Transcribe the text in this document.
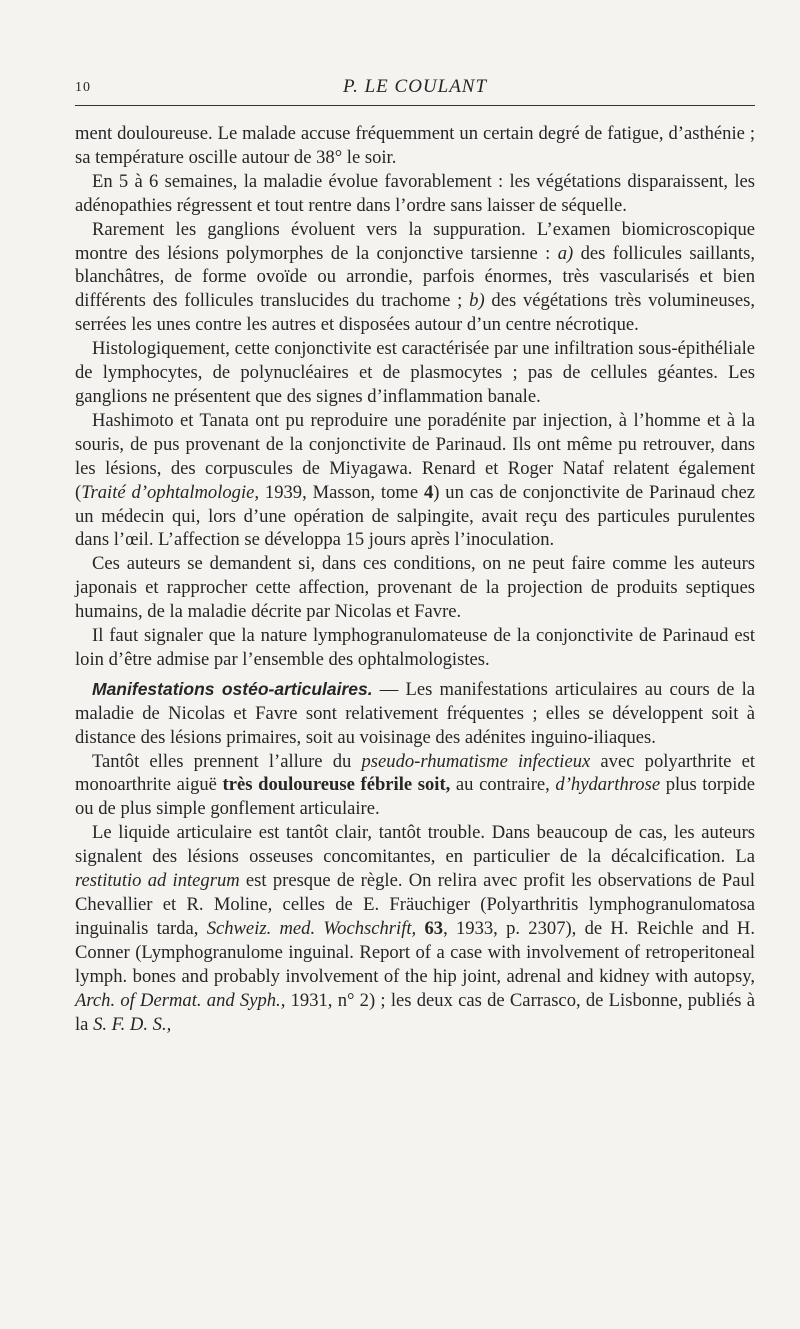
10	P. LE COULANT

ment douloureuse. Le malade accuse fréquemment un certain degré de fatigue, d’asthénie ; sa température oscille autour de 38° le soir.

En 5 à 6 semaines, la maladie évolue favorablement : les végétations disparaissent, les adénopathies régressent et tout rentre dans l’ordre sans laisser de séquelle.

Rarement les ganglions évoluent vers la suppuration. L’examen biomicroscopique montre des lésions polymorphes de la conjonctive tarsienne : a) des follicules saillants, blanchâtres, de forme ovoïde ou arrondie, parfois énormes, très vascularisés et bien différents des follicules translucides du trachome ; b) des végétations très volumineuses, serrées les unes contre les autres et disposées autour d’un centre nécrotique.

Histologiquement, cette conjonctivite est caractérisée par une infiltration sous-épithéliale de lymphocytes, de polynucléaires et de plasmocytes ; pas de cellules géantes. Les ganglions ne présentent que des signes d’inflammation banale.

Hashimoto et Tanata ont pu reproduire une poradénite par injection, à l’homme et à la souris, de pus provenant de la conjonctivite de Parinaud. Ils ont même pu retrouver, dans les lésions, des corpuscules de Miyagawa. Renard et Roger Nataf relatent également (Traité d’ophtalmologie, 1939, Masson, tome 4) un cas de conjonctivite de Parinaud chez un médecin qui, lors d’une opération de salpingite, avait reçu des particules purulentes dans l’œil. L’affection se développa 15 jours après l’inoculation.

Ces auteurs se demandent si, dans ces conditions, on ne peut faire comme les auteurs japonais et rapprocher cette affection, provenant de la projection de produits septiques humains, de la maladie décrite par Nicolas et Favre.

Il faut signaler que la nature lymphogranulomateuse de la conjonctivite de Parinaud est loin d’être admise par l’ensemble des ophtalmologistes.

Manifestations ostéo-articulaires. — Les manifestations articulaires au cours de la maladie de Nicolas et Favre sont relativement fréquentes ; elles se développent soit à distance des lésions primaires, soit au voisinage des adénites inguino-iliaques.

Tantôt elles prennent l’allure du pseudo-rhumatisme infectieux avec polyarthrite et monoarthrite aiguë très douloureuse fébrile soit, au contraire, d’hydarthrose plus torpide ou de plus simple gonflement articulaire.

Le liquide articulaire est tantôt clair, tantôt trouble. Dans beaucoup de cas, les auteurs signalent des lésions osseuses concomitantes, en particulier de la décalcification. La restitutio ad integrum est presque de règle. On relira avec profit les observations de Paul Chevallier et R. Moline, celles de E. Fräuchiger (Polyarthritis lymphogranulomatosa inguinalis tarda, Schweiz. med. Wochschrift, 63, 1933, p. 2307), de H. Reichle and H. Conner (Lymphogranulome inguinal. Report of a case with involvement of retroperitoneal lymph. bones and probably involvement of the hip joint, adrenal and kidney with autopsy, Arch. of Dermat. and Syph., 1931, n° 2) ; les deux cas de Carrasco, de Lisbonne, publiés à la S. F. D. S.,
